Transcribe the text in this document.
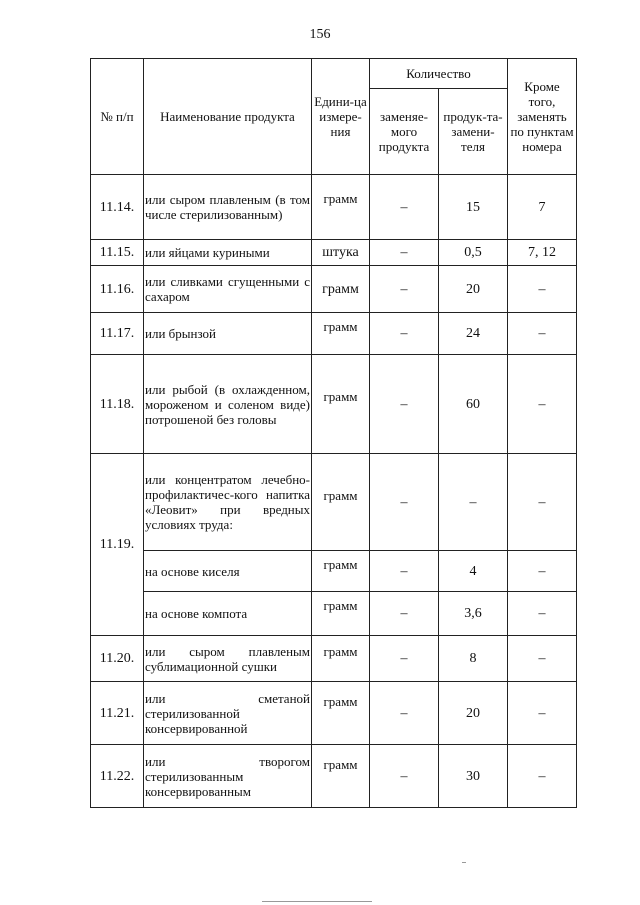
156
№ п/п	Наименование продукта	Едини-ца измере-ния	Количество		Кроме того, заменять по пунктам номера
			заменяе-мого продукта	продук-та-замени-теля	
11.14.	или сыром плавленым (в том числе стерилизованным)	грамм	–	15	7
11.15.	или яйцами куриными	штука	–	0,5	7, 12
11.16.	или сливками сгущенными с сахаром	грамм	–	20	–
11.17.	или брынзой	грамм	–	24	–
11.18.	или рыбой (в охлажденном, мороженом и соленом виде) потрошеной без головы	грамм	–	60	–
11.19.	или концентратом лечебно-профилактичес-кого напитка «Леовит» при вредных условиях труда:	грамм	–	–	–
	на основе киселя	грамм	–	4	–
	на основе компота	грамм	–	3,6	–
11.20.	или сыром плавленым сублимационной сушки	грамм	–	8	–
11.21.	или сметаной стерилизованной консервированной	грамм	–	20	–
11.22.	или творогом стерилизованным консервированным	грамм	–	30	–
